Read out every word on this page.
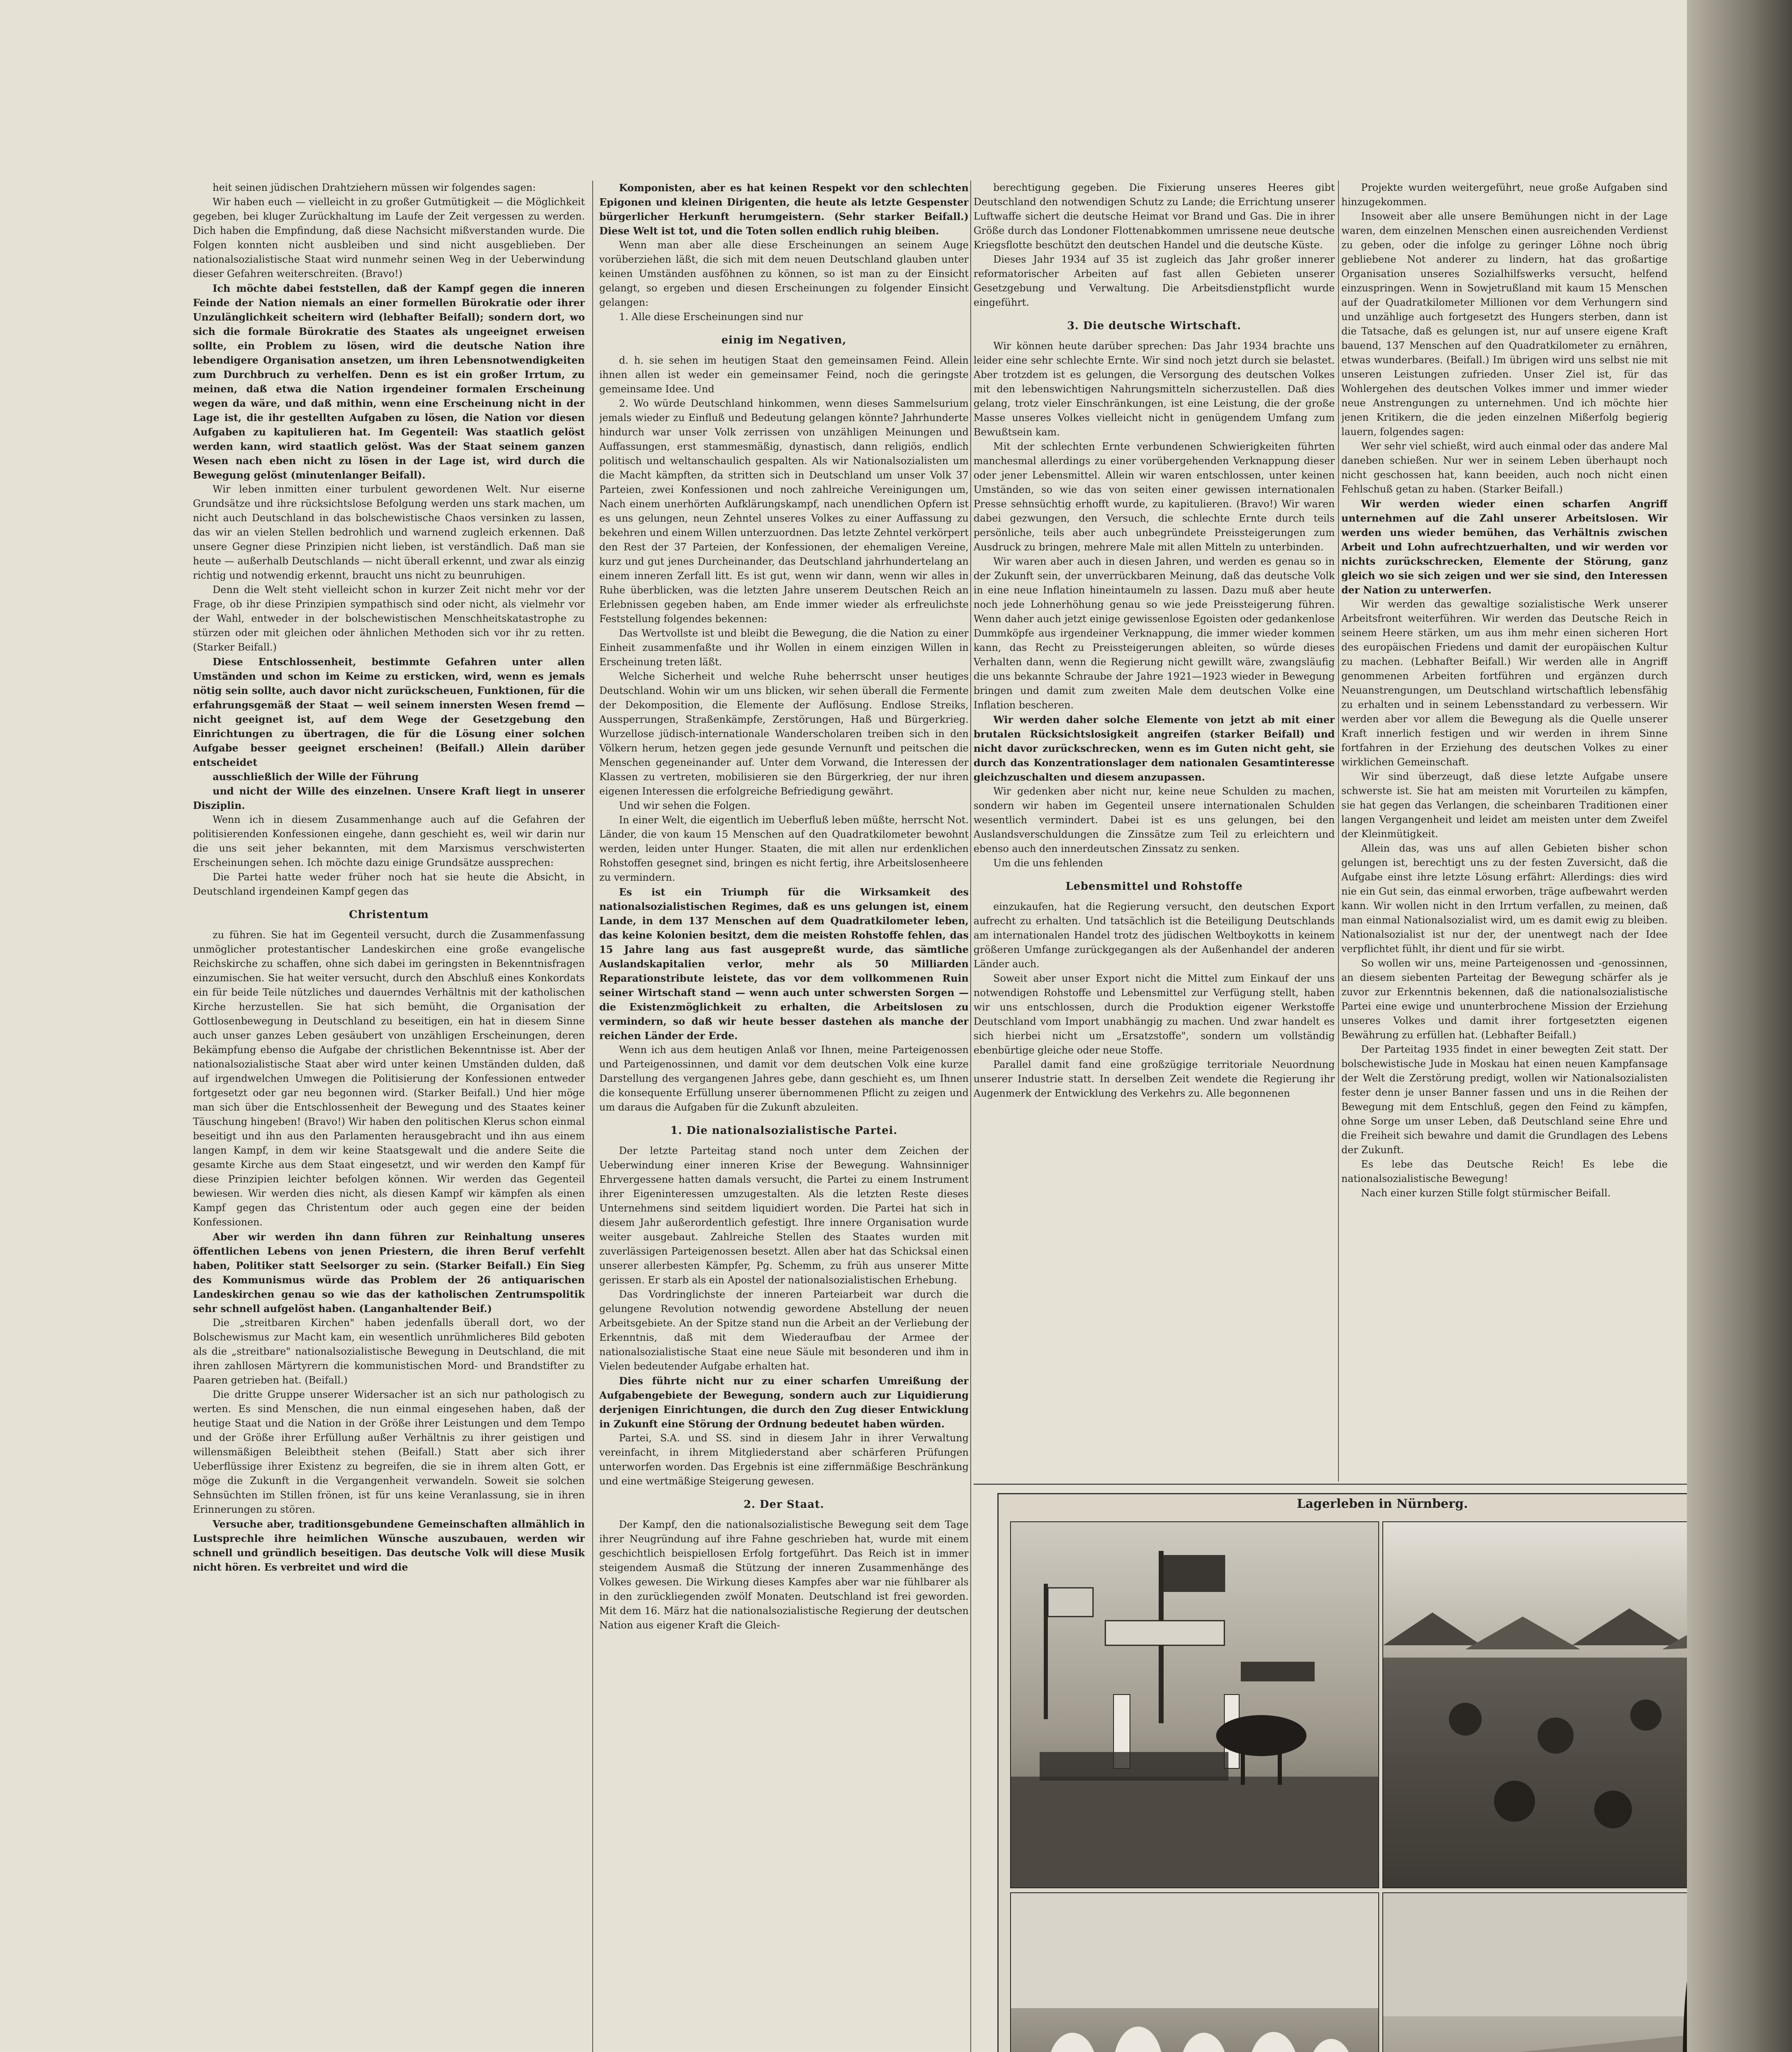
heit seinen jüdischen Drahtziehern müssen wir folgendes sagen:

Wir haben euch — vielleicht in zu großer Gutmütigkeit — die Möglichkeit gegeben, bei kluger Zurückhaltung im Laufe der Zeit vergessen zu werden. Dich haben die Empfindung, daß diese Nachsicht mißverstanden wurde. Die Folgen konnten nicht ausbleiben und sind nicht ausgeblieben. Der nationalsozialistische Staat wird nunmehr seinen Weg in der Ueberwindung dieser Gefahren weiterschreiten. (Bravo!)

Ich möchte dabei feststellen, daß der Kampf gegen die inneren Feinde der Nation niemals an einer formellen Bürokratie oder ihrer Unzulänglichkeit scheitern wird (lebhafter Beifall); sondern dort, wo sich die formale Bürokratie des Staates als ungeeignet erweisen sollte, ein Problem zu lösen, wird die deutsche Nation ihre lebendigere Organisation ansetzen, um ihren Lebensnotwendigkeiten zum Durchbruch zu verhelfen. Denn es ist ein großer Irrtum, zu meinen, daß etwa die Nation irgendeiner formalen Erscheinung wegen da wäre, und daß mithin, wenn eine Erscheinung nicht in der Lage ist, die ihr gestellten Aufgaben zu lösen, die Nation vor diesen Aufgaben zu kapitulieren hat. Im Gegenteil: Was staatlich gelöst werden kann, wird staatlich gelöst. Was der Staat seinem ganzen Wesen nach eben nicht zu lösen in der Lage ist, wird durch die Bewegung gelöst (minutenlanger Beifall).

Wir leben inmitten einer turbulent gewordenen Welt. Nur eiserne Grundsätze und ihre rücksichtslose Befolgung werden uns stark machen, um nicht auch Deutschland in das bolschewistische Chaos versinken zu lassen, das wir an vielen Stellen bedrohlich und warnend zugleich erkennen. Daß unsere Gegner diese Prinzipien nicht lieben, ist verständlich. Daß man sie heute — außerhalb Deutschlands — nicht überall erkennt, und zwar als einzig richtig und notwendig erkennt, braucht uns nicht zu beunruhigen.

Denn die Welt steht vielleicht schon in kurzer Zeit nicht mehr vor der Frage, ob ihr diese Prinzipien sympathisch sind oder nicht, als vielmehr vor der Wahl, entweder in der bolschewistischen Menschheitskatastrophe zu stürzen oder mit gleichen oder ähnlichen Methoden sich vor ihr zu retten. (Starker Beifall.)

Diese Entschlossenheit, bestimmte Gefahren unter allen Umständen und schon im Keime zu ersticken, wird, wenn es jemals nötig sein sollte, auch davor nicht zurückscheuen, Funktionen, für die erfahrungsgemäß der Staat — weil seinem innersten Wesen fremd — nicht geeignet ist, auf dem Wege der Gesetzgebung den Einrichtungen zu übertragen, die für die Lösung einer solchen Aufgabe besser geeignet erscheinen! (Beifall.) Allein darüber entscheidet

ausschließlich der Wille der Führung

und nicht der Wille des einzelnen. Unsere Kraft liegt in unserer Disziplin.

Wenn ich in diesem Zusammenhange auch auf die Gefahren der politisierenden Konfessionen eingehe, dann geschieht es, weil wir darin nur die uns seit jeher bekannten, mit dem Marxismus verschwisterten Erscheinungen sehen. Ich möchte dazu einige Grundsätze aussprechen:

Die Partei hatte weder früher noch hat sie heute die Absicht, in Deutschland irgendeinen Kampf gegen das

Christentum

zu führen. Sie hat im Gegenteil versucht, durch die Zusammenfassung unmöglicher protestantischer Landeskirchen eine große evangelische Reichskirche zu schaffen, ohne sich dabei im geringsten in Bekenntnisfragen einzumischen. Sie hat weiter versucht, durch den Abschluß eines Konkordats ein für beide Teile nützliches und dauerndes Verhältnis mit der katholischen Kirche herzustellen. Sie hat sich bemüht, die Organisation der Gottlosenbewegung in Deutschland zu beseitigen, ein hat in diesem Sinne auch unser ganzes Leben gesäubert von unzähligen Erscheinungen, deren Bekämpfung ebenso die Aufgabe der christlichen Bekenntnisse ist. Aber der nationalsozialistische Staat aber wird unter keinen Umständen dulden, daß auf irgendwelchen Umwegen die Politisierung der Konfessionen entweder fortgesetzt oder gar neu begonnen wird. (Starker Beifall.) Und hier möge man sich über die Entschlossenheit der Bewegung und des Staates keiner Täuschung hingeben! (Bravo!) Wir haben den politischen Klerus schon einmal beseitigt und ihn aus den Parlamenten herausgebracht und ihn aus einem langen Kampf, in dem wir keine Staatsgewalt und die andere Seite die gesamte Kirche aus dem Staat eingesetzt, und wir werden den Kampf für diese Prinzipien leichter befolgen können. Wir werden das Gegenteil bewiesen. Wir werden dies nicht, als diesen Kampf wir kämpfen als einen Kampf gegen das Christentum oder auch gegen eine der beiden Konfessionen.

Aber wir werden ihn dann führen zur Reinhaltung unseres öffentlichen Lebens von jenen Priestern, die ihren Beruf verfehlt haben, Politiker statt Seelsorger zu sein. (Starker Beifall.) Ein Sieg des Kommunismus würde das Problem der 26 antiquarischen Landeskirchen genau so wie das der katholischen Zentrumspolitik sehr schnell aufgelöst haben. (Langanhaltender Beif.)

Die „streitbaren Kirchen" haben jedenfalls überall dort, wo der Bolschewismus zur Macht kam, ein wesentlich unrühmlicheres Bild geboten als die „streitbare" nationalsozialistische Bewegung in Deutschland, die mit ihren zahllosen Märtyrern die kommunistischen Mord- und Brandstifter zu Paaren getrieben hat. (Beifall.)

Die dritte Gruppe unserer Widersacher ist an sich nur pathologisch zu werten. Es sind Menschen, die nun einmal eingesehen haben, daß der heutige Staat und die Nation in der Größe ihrer Leistungen und dem Tempo und der Größe ihrer Erfüllung außer Verhältnis zu ihrer geistigen und willensmäßigen Beleibtheit stehen (Beifall.) Statt aber sich ihrer Ueberflüssige ihrer Existenz zu begreifen, die sie in ihrem alten Gott, er möge die Zukunft in die Vergangenheit verwandeln. Soweit sie solchen Sehnsüchten im Stillen frönen, ist für uns keine Veranlassung, sie in ihren Erinnerungen zu stören.

Versuche aber, traditionsgebundene Gemeinschaften allmählich in Lustsprechle ihre heimlichen Wünsche auszubauen, werden wir schnell und gründlich beseitigen. Das deutsche Volk will diese Musik nicht hören. Es verbreitet und wird die

Komponisten, aber es hat keinen Respekt vor den schlechten Epigonen und kleinen Dirigenten, die heute als letzte Gespenster bürgerlicher Herkunft herumgeistern. (Sehr starker Beifall.) Diese Welt ist tot, und die Toten sollen endlich ruhig bleiben.

Wenn man aber alle diese Erscheinungen an seinem Auge vorüberziehen läßt, die sich mit dem neuen Deutschland glauben unter keinen Umständen ausföhnen zu können, so ist man zu der Einsicht gelangt, so ergeben und diesen Erscheinungen zu folgender Einsicht gelangen:

1. Alle diese Erscheinungen sind nur

einig im Negativen,

d. h. sie sehen im heutigen Staat den gemeinsamen Feind. Allein ihnen allen ist weder ein gemeinsamer Feind, noch die geringste gemeinsame Idee. Und

2. Wo würde Deutschland hinkommen, wenn dieses Sammelsurium jemals wieder zu Einfluß und Bedeutung gelangen könnte? Jahrhunderte hindurch war unser Volk zerrissen von unzähligen Meinungen und Auffassungen, erst stammesmäßig, dynastisch, dann religiös, endlich politisch und weltanschaulich gespalten. Als wir Nationalsozialisten um die Macht kämpften, da stritten sich in Deutschland um unser Volk 37 Parteien, zwei Konfessionen und noch zahlreiche Vereinigungen um, Nach einem unerhörten Aufklärungskampf, nach unendlichen Opfern ist es uns gelungen, neun Zehntel unseres Volkes zu einer Auffassung zu bekehren und einem Willen unterzuordnen. Das letzte Zehntel verkörpert den Rest der 37 Parteien, der Konfessionen, der ehemaligen Vereine, kurz und gut jenes Durcheinander, das Deutschland jahrhundertelang an einem inneren Zerfall litt. Es ist gut, wenn wir dann, wenn wir alles in Ruhe überblicken, was die letzten Jahre unserem Deutschen Reich an Erlebnissen gegeben haben, am Ende immer wieder als erfreulichste Feststellung folgendes bekennen:

Das Wertvollste ist und bleibt die Bewegung, die die Nation zu einer Einheit zusammenfaßte und ihr Wollen in einem einzigen Willen in Erscheinung treten läßt.

Welche Sicherheit und welche Ruhe beherrscht unser heutiges Deutschland. Wohin wir um uns blicken, wir sehen überall die Fermente der Dekomposition, die Elemente der Auflösung. Endlose Streiks, Aussperrungen, Straßenkämpfe, Zerstörungen, Haß und Bürgerkrieg. Wurzellose jüdisch-internationale Wanderscholaren treiben sich in den Völkern herum, hetzen gegen jede gesunde Vernunft und peitschen die Menschen gegeneinander auf. Unter dem Vorwand, die Interessen der Klassen zu vertreten, mobilisieren sie den Bürgerkrieg, der nur ihren eigenen Interessen die erfolgreiche Befriedigung gewährt.

Und wir sehen die Folgen.

In einer Welt, die eigentlich im Ueberfluß leben müßte, herrscht Not. Länder, die von kaum 15 Menschen auf den Quadratkilometer bewohnt werden, leiden unter Hunger. Staaten, die mit allen nur erdenklichen Rohstoffen gesegnet sind, bringen es nicht fertig, ihre Arbeitslosenheere zu vermindern.

Es ist ein Triumph für die Wirksamkeit des nationalsozialistischen Regimes, daß es uns gelungen ist, einem Lande, in dem 137 Menschen auf dem Quadratkilometer leben, das keine Kolonien besitzt, dem die meisten Rohstoffe fehlen, das 15 Jahre lang aus fast ausgepreßt wurde, das sämtliche Auslandskapitalien verlor, mehr als 50 Milliarden Reparationstribute leistete, das vor dem vollkommenen Ruin seiner Wirtschaft stand — wenn auch unter schwersten Sorgen — die Existenzmöglichkeit zu erhalten, die Arbeitslosen zu vermindern, so daß wir heute besser dastehen als manche der reichen Länder der Erde.

Wenn ich aus dem heutigen Anlaß vor Ihnen, meine Parteigenossen und Parteigenossinnen, und damit vor dem deutschen Volk eine kurze Darstellung des vergangenen Jahres gebe, dann geschieht es, um Ihnen die konsequente Erfüllung unserer übernommenen Pflicht zu zeigen und um daraus die Aufgaben für die Zukunft abzuleiten.

1. Die nationalsozialistische Partei.

Der letzte Parteitag stand noch unter dem Zeichen der Ueberwindung einer inneren Krise der Bewegung. Wahnsinniger Ehrvergessene hatten damals versucht, die Partei zu einem Instrument ihrer Eigeninteressen umzugestalten. Als die letzten Reste dieses Unternehmens sind seitdem liquidiert worden. Die Partei hat sich in diesem Jahr außerordentlich gefestigt. Ihre innere Organisation wurde weiter ausgebaut. Zahlreiche Stellen des Staates wurden mit zuverlässigen Parteigenossen besetzt. Allen aber hat das Schicksal einen unserer allerbesten Kämpfer, Pg. Schemm, zu früh aus unserer Mitte gerissen. Er starb als ein Apostel der nationalsozialistischen Erhebung.

Das Vordringlichste der inneren Parteiarbeit war durch die gelungene Revolution notwendig gewordene Abstellung der neuen Arbeitsgebiete. An der Spitze stand nun die Arbeit an der Verliebung der Erkenntnis, daß mit dem Wiederaufbau der Armee der nationalsozialistische Staat eine neue Säule mit besonderen und ihm in Vielen bedeutender Aufgabe erhalten hat.

Dies führte nicht nur zu einer scharfen Umreißung der Aufgabengebiete der Bewegung, sondern auch zur Liquidierung derjenigen Einrichtungen, die durch den Zug dieser Entwicklung in Zukunft eine Störung der Ordnung bedeutet haben würden.

Partei, S.A. und SS. sind in diesem Jahr in ihrer Verwaltung vereinfacht, in ihrem Mitgliederstand aber schärferen Prüfungen unterworfen worden. Das Ergebnis ist eine ziffernmäßige Beschränkung und eine wertmäßige Steigerung gewesen.

2. Der Staat.

Der Kampf, den die nationalsozialistische Bewegung seit dem Tage ihrer Neugründung auf ihre Fahne geschrieben hat, wurde mit einem geschichtlich beispiellosen Erfolg fortgeführt. Das Reich ist in immer steigendem Ausmaß die Stützung der inneren Zusammenhänge des Volkes gewesen. Die Wirkung dieses Kampfes aber war nie fühlbarer als in den zurückliegenden zwölf Monaten. Deutschland ist frei geworden. Mit dem 16. März hat die nationalsozialistische Regierung der deutschen Nation aus eigener Kraft die Gleich-

berechtigung gegeben. Die Fixierung unseres Heeres gibt Deutschland den notwendigen Schutz zu Lande; die Errichtung unserer Luftwaffe sichert die deutsche Heimat vor Brand und Gas. Die in ihrer Größe durch das Londoner Flottenabkommen umrissene neue deutsche Kriegsflotte beschützt den deutschen Handel und die deutsche Küste.

Dieses Jahr 1934 auf 35 ist zugleich das Jahr großer innerer reformatorischer Arbeiten auf fast allen Gebieten unserer Gesetzgebung und Verwaltung. Die Arbeitsdienstpflicht wurde eingeführt.

3. Die deutsche Wirtschaft.

Wir können heute darüber sprechen: Das Jahr 1934 brachte uns leider eine sehr schlechte Ernte. Wir sind noch jetzt durch sie belastet. Aber trotzdem ist es gelungen, die Versorgung des deutschen Volkes mit den lebenswichtigen Nahrungsmitteln sicherzustellen. Daß dies gelang, trotz vieler Einschränkungen, ist eine Leistung, die der große Masse unseres Volkes vielleicht nicht in genügendem Umfang zum Bewußtsein kam.

Mit der schlechten Ernte verbundenen Schwierigkeiten führten manchesmal allerdings zu einer vorübergehenden Verknappung dieser oder jener Lebensmittel. Allein wir waren entschlossen, unter keinen Umständen, so wie das von seiten einer gewissen internationalen Presse sehnsüchtig erhofft wurde, zu kapitulieren. (Bravo!) Wir waren dabei gezwungen, den Versuch, die schlechte Ernte durch teils persönliche, teils aber auch unbegründete Preissteigerungen zum Ausdruck zu bringen, mehrere Male mit allen Mitteln zu unterbinden.

Wir waren aber auch in diesen Jahren, und werden es genau so in der Zukunft sein, der unverrückbaren Meinung, daß das deutsche Volk in eine neue Inflation hineintaumeln zu lassen. Dazu muß aber heute noch jede Lohnerhöhung genau so wie jede Preissteigerung führen. Wenn daher auch jetzt einige gewissenlose Egoisten oder gedankenlose Dummköpfe aus irgendeiner Verknappung, die immer wieder kommen kann, das Recht zu Preissteigerungen ableiten, so würde dieses Verhalten dann, wenn die Regierung nicht gewillt wäre, zwangsläufig die uns bekannte Schraube der Jahre 1921—1923 wieder in Bewegung bringen und damit zum zweiten Male dem deutschen Volke eine Inflation bescheren.

Wir werden daher solche Elemente von jetzt ab mit einer brutalen Rücksichtslosigkeit angreifen (starker Beifall) und nicht davor zurückschrecken, wenn es im Guten nicht geht, sie durch das Konzentrationslager dem nationalen Gesamtinteresse gleichzuschalten und diesem anzupassen.

Wir gedenken aber nicht nur, keine neue Schulden zu machen, sondern wir haben im Gegenteil unsere internationalen Schulden wesentlich vermindert. Dabei ist es uns gelungen, bei den Auslandsverschuldungen die Zinssätze zum Teil zu erleichtern und ebenso auch den innerdeutschen Zinssatz zu senken.

Um die uns fehlenden

Lebensmittel und Rohstoffe

einzukaufen, hat die Regierung versucht, den deutschen Export aufrecht zu erhalten. Und tatsächlich ist die Beteiligung Deutschlands am internationalen Handel trotz des jüdischen Weltboykotts in keinem größeren Umfange zurückgegangen als der Außenhandel der anderen Länder auch.

Soweit aber unser Export nicht die Mittel zum Einkauf der uns notwendigen Rohstoffe und Lebensmittel zur Verfügung stellt, haben wir uns entschlossen, durch die Produktion eigener Werkstoffe Deutschland vom Import unabhängig zu machen. Und zwar handelt es sich hierbei nicht um „Ersatzstoffe", sondern um vollständig ebenbürtige gleiche oder neue Stoffe.

Parallel damit fand eine großzügige territoriale Neuordnung unserer Industrie statt. In derselben Zeit wendete die Regierung ihr Augenmerk der Entwicklung des Verkehrs zu. Alle begonnenen

Projekte wurden weitergeführt, neue große Aufgaben sind hinzugekommen.

Insoweit aber alle unsere Bemühungen nicht in der Lage waren, dem einzelnen Menschen einen ausreichenden Verdienst zu geben, oder die infolge zu geringer Löhne noch übrig gebliebene Not anderer zu lindern, hat das großartige Organisation unseres Sozialhilfswerks versucht, helfend einzuspringen. Wenn in Sowjetrußland mit kaum 15 Menschen auf der Quadratkilometer Millionen vor dem Verhungern sind und unzählige auch fortgesetzt des Hungers sterben, dann ist die Tatsache, daß es gelungen ist, nur auf unsere eigene Kraft bauend, 137 Menschen auf den Quadratkilometer zu ernähren, etwas wunderbares. (Beifall.) Im übrigen wird uns selbst nie mit unseren Leistungen zufrieden. Unser Ziel ist, für das Wohlergehen des deutschen Volkes immer und immer wieder neue Anstrengungen zu unternehmen. Und ich möchte hier jenen Kritikern, die die jeden einzelnen Mißerfolg begierig lauern, folgendes sagen:

Wer sehr viel schießt, wird auch einmal oder das andere Mal daneben schießen. Nur wer in seinem Leben überhaupt noch nicht geschossen hat, kann beeiden, auch noch nicht einen Fehlschuß getan zu haben. (Starker Beifall.)

Wir werden wieder einen scharfen Angriff unternehmen auf die Zahl unserer Arbeitslosen. Wir werden uns wieder bemühen, das Verhältnis zwischen Arbeit und Lohn aufrechtzuerhalten, und wir werden vor nichts zurückschrecken, Elemente der Störung, ganz gleich wo sie sich zeigen und wer sie sind, den Interessen der Nation zu unterwerfen.

Wir werden das gewaltige sozialistische Werk unserer Arbeitsfront weiterführen. Wir werden das Deutsche Reich in seinem Heere stärken, um aus ihm mehr einen sicheren Hort des europäischen Friedens und damit der europäischen Kultur zu machen. (Lebhafter Beifall.) Wir werden alle in Angriff genommenen Arbeiten fortführen und ergänzen durch Neuanstrengungen, um Deutschland wirtschaftlich lebensfähig zu erhalten und in seinem Lebensstandard zu verbessern. Wir werden aber vor allem die Bewegung als die Quelle unserer Kraft innerlich festigen und wir werden in ihrem Sinne fortfahren in der Erziehung des deutschen Volkes zu einer wirklichen Gemeinschaft.

Wir sind überzeugt, daß diese letzte Aufgabe unsere schwerste ist. Sie hat am meisten mit Vorurteilen zu kämpfen, sie hat gegen das Verlangen, die scheinbaren Traditionen einer langen Vergangenheit und leidet am meisten unter dem Zweifel der Kleinmütigkeit.

Allein das, was uns auf allen Gebieten bisher schon gelungen ist, berechtigt uns zu der festen Zuversicht, daß die Aufgabe einst ihre letzte Lösung erfährt: Allerdings: dies wird nie ein Gut sein, das einmal erworben, träge aufbewahrt werden kann. Wir wollen nicht in den Irrtum verfallen, zu meinen, daß man einmal Nationalsozialist wird, um es damit ewig zu bleiben. Nationalsozialist ist nur der, der unentwegt nach der Idee verpflichtet fühlt, ihr dient und für sie wirbt.

So wollen wir uns, meine Parteigenossen und -genossinnen, an diesem siebenten Parteitag der Bewegung schärfer als je zuvor zur Erkenntnis bekennen, daß die nationalsozialistische Partei eine ewige und ununterbrochene Mission der Erziehung unseres Volkes und damit ihrer fortgesetzten eigenen Bewährung zu erfüllen hat. (Lebhafter Beifall.)

Der Parteitag 1935 findet in einer bewegten Zeit statt. Der bolschewistische Jude in Moskau hat einen neuen Kampfansage der Welt die Zerstörung predigt, wollen wir Nationalsozialisten fester denn je unser Banner fassen und uns in die Reihen der Bewegung mit dem Entschluß, gegen den Feind zu kämpfen, ohne Sorge um unser Leben, daß Deutschland seine Ehre und die Freiheit sich bewahre und damit die Grundlagen des Lebens der Zukunft.

Es lebe das Deutsche Reich! Es lebe die nationalsozialistische Bewegung!

Nach einer kurzen Stille folgt stürmischer Beifall.

Lagerleben in Nürnberg.
